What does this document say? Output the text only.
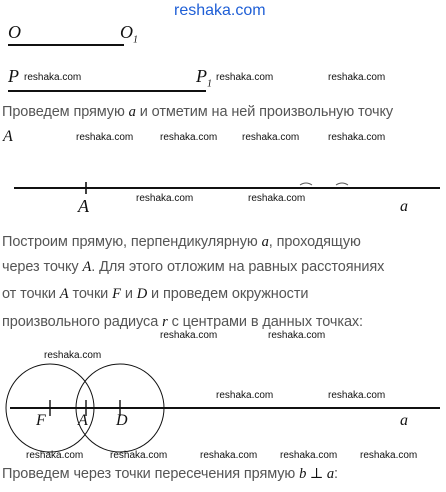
reshaka.com
O	$O_1$
P	$P_1$
reshaka.com	reshaka.com	reshaka.com
Проведем прямую a и отметим на ней произвольную точку
A	reshaka.com	reshaka.com reshaka.com	reshaka.com
A	a
reshaka.com	reshaka.com
Построим прямую, перпендикулярную a, проходящую
через точку A. Для этого отложим на равных расстояниях
от точки A точки F и D и проведем окружности
произвольного радиуса r с центрами в данных точках:
reshaka.com	reshaka.com
reshaka.com
F A D	a
reshaka.com	reshaka.com
reshaka.com	reshaka.com	reshaka.com reshaka.com reshaka.com
Проведем через точки пересечения прямую b ⊥ a:
